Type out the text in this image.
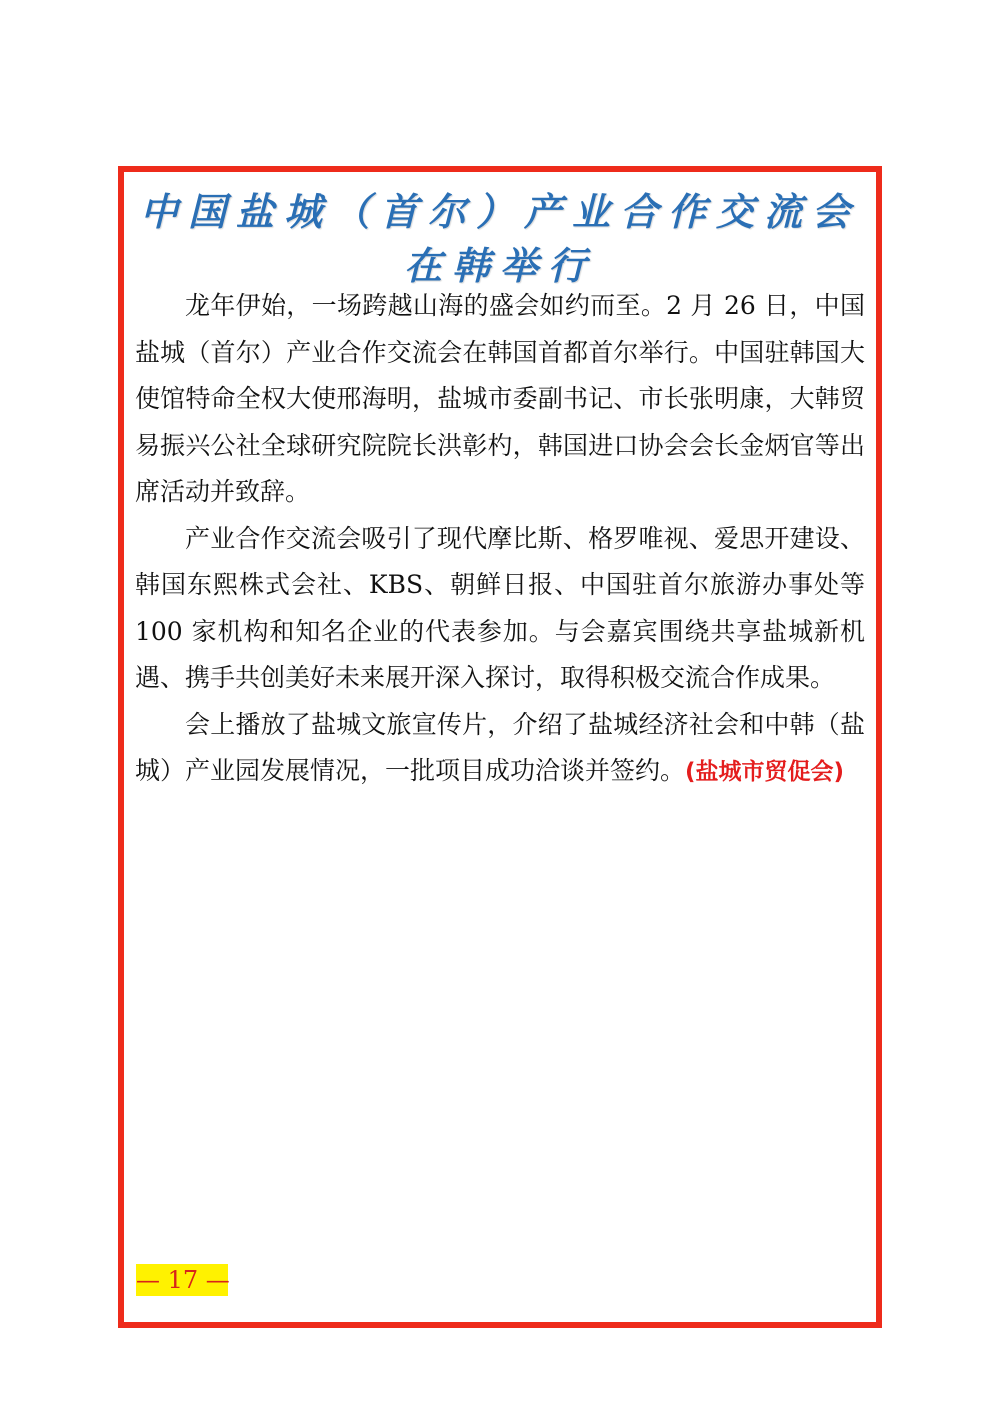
中国盐城（首尔）产业合作交流会
在韩举行

龙年伊始，一场跨越山海的盛会如约而至。2 月 26 日，中国盐城（首尔）产业合作交流会在韩国首都首尔举行。中国驻韩国大使馆特命全权大使邢海明，盐城市委副书记、市长张明康，大韩贸易振兴公社全球研究院院长洪彰杓，韩国进口协会会长金炳官等出席活动并致辞。

产业合作交流会吸引了现代摩比斯、格罗唯视、爱思开建设、韩国东熙株式会社、KBS、朝鲜日报、中国驻首尔旅游办事处等 100 家机构和知名企业的代表参加。与会嘉宾围绕共享盐城新机遇、携手共创美好未来展开深入探讨，取得积极交流合作成果。

会上播放了盐城文旅宣传片，介绍了盐城经济社会和中韩（盐城）产业园发展情况，一批项目成功洽谈并签约。(盐城市贸促会)

— 17 —
